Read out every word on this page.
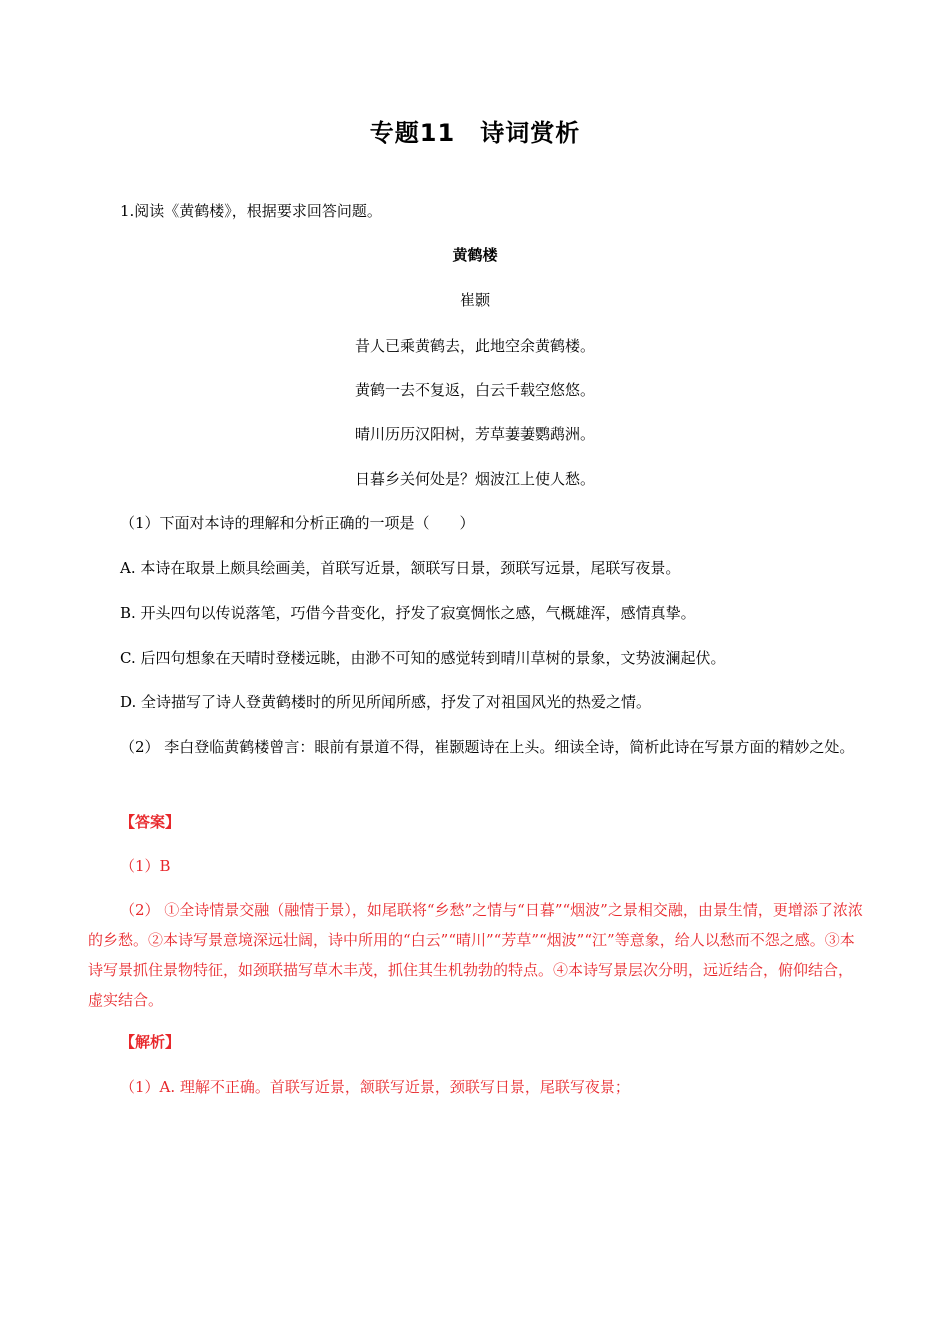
专题11　诗词赏析
1.阅读《黄鹤楼》，根据要求回答问题。
黄鹤楼
崔颢
昔人已乘黄鹤去，此地空余黄鹤楼。
黄鹤一去不复返，白云千载空悠悠。
晴川历历汉阳树，芳草萋萋鹦鹉洲。
日暮乡关何处是？烟波江上使人愁。
（1）下面对本诗的理解和分析正确的一项是（　　）
A. 本诗在取景上颇具绘画美，首联写近景，颔联写日景，颈联写远景，尾联写夜景。
B. 开头四句以传说落笔，巧借今昔变化，抒发了寂寞惆怅之感，气概雄浑，感情真挚。
C. 后四句想象在天晴时登楼远眺，由渺不可知的感觉转到晴川草树的景象，文势波澜起伏。
D. 全诗描写了诗人登黄鹤楼时的所见所闻所感，抒发了对祖国风光的热爱之情。
（2） 李白登临黄鹤楼曾言：眼前有景道不得，崔颢题诗在上头。细读全诗，简析此诗在写景方面的精妙之处。
【答案】
（1）B
（2） ①全诗情景交融（融情于景），如尾联将“乡愁”之情与“日暮”“烟波”之景相交融，由景生情，更增添了浓浓的乡愁。②本诗写景意境深远壮阔，诗中所用的“白云”“晴川”“芳草”“烟波”“江”等意象，给人以愁而不怨之感。③本诗写景抓住景物特征，如颈联描写草木丰茂，抓住其生机勃勃的特点。④本诗写景层次分明，远近结合，俯仰结合，虚实结合。
【解析】
（1）A. 理解不正确。首联写近景，颔联写近景，颈联写日景，尾联写夜景；
